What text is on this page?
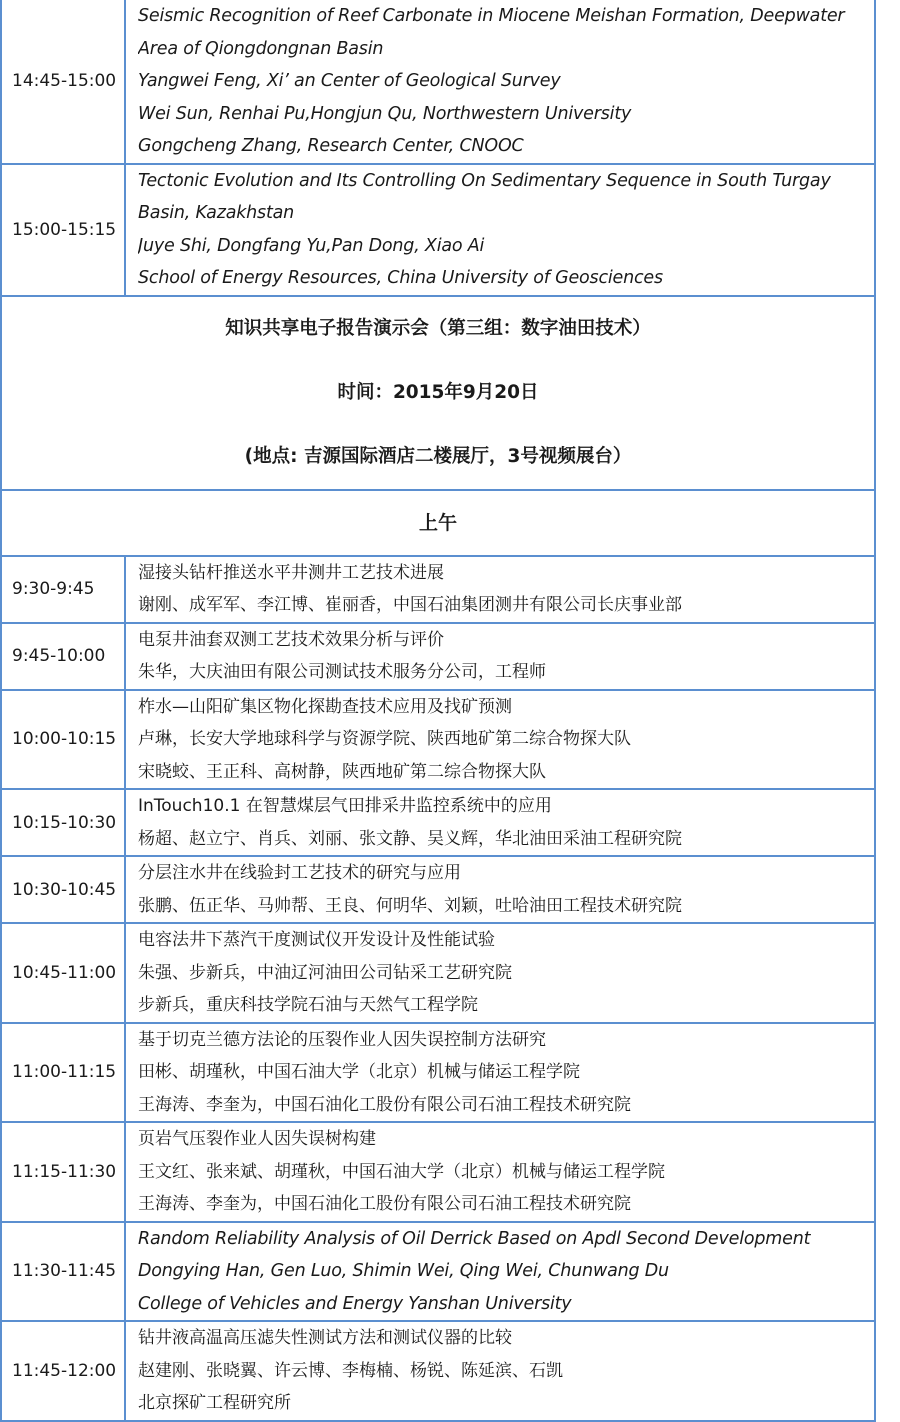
14:45-15:00
Seismic Recognition of Reef Carbonate in Miocene Meishan Formation, Deepwater
Area of Qiongdongnan Basin
Yangwei Feng, Xi’ an Center of Geological Survey
Wei Sun, Renhai Pu,Hongjun Qu, Northwestern University
Gongcheng Zhang, Research Center, CNOOC
15:00-15:15
Tectonic Evolution and Its Controlling On Sedimentary Sequence in South Turgay
Basin, Kazakhstan
Juye Shi, Dongfang Yu,Pan Dong, Xiao Ai
School of Energy Resources, China University of Geosciences
知识共享电子报告演示会（第三组：数字油田技术）
时间：2015年9月20日
(地点: 吉源国际酒店二楼展厅，3号视频展台）
上午
9:30-9:45
湿接头钻杆推送水平井测井工艺技术进展
谢刚、成军军、李江博、崔丽香，中国石油集团测井有限公司长庆事业部
9:45-10:00
电泵井油套双测工艺技术效果分析与评价
朱华，大庆油田有限公司测试技术服务分公司，工程师
10:00-10:15
柞水—山阳矿集区物化探勘查技术应用及找矿预测
卢琳，长安大学地球科学与资源学院、陕西地矿第二综合物探大队
宋晓蛟、王正科、高树静，陕西地矿第二综合物探大队
10:15-10:30
InTouch10.1 在智慧煤层气田排采井监控系统中的应用
杨超、赵立宁、肖兵、刘丽、张文静、吴义辉，华北油田采油工程研究院
10:30-10:45
分层注水井在线验封工艺技术的研究与应用
张鹏、伍正华、马帅帮、王良、何明华、刘颖，吐哈油田工程技术研究院
10:45-11:00
电容法井下蒸汽干度测试仪开发设计及性能试验
朱强、步新兵，中油辽河油田公司钻采工艺研究院
步新兵，重庆科技学院石油与天然气工程学院
11:00-11:15
基于切克兰德方法论的压裂作业人因失误控制方法研究
田彬、胡瑾秋，中国石油大学（北京）机械与储运工程学院
王海涛、李奎为，中国石油化工股份有限公司石油工程技术研究院
11:15-11:30
页岩气压裂作业人因失误树构建
王文红、张来斌、胡瑾秋，中国石油大学（北京）机械与储运工程学院
王海涛、李奎为，中国石油化工股份有限公司石油工程技术研究院
11:30-11:45
Random Reliability Analysis of Oil Derrick Based on Apdl Second Development
Dongying Han, Gen Luo, Shimin Wei, Qing Wei, Chunwang Du
College of Vehicles and Energy Yanshan University
11:45-12:00
钻井液高温高压滤失性测试方法和测试仪器的比较
赵建刚、张晓翼、许云博、李梅楠、杨锐、陈延滨、石凯
北京探矿工程研究所
